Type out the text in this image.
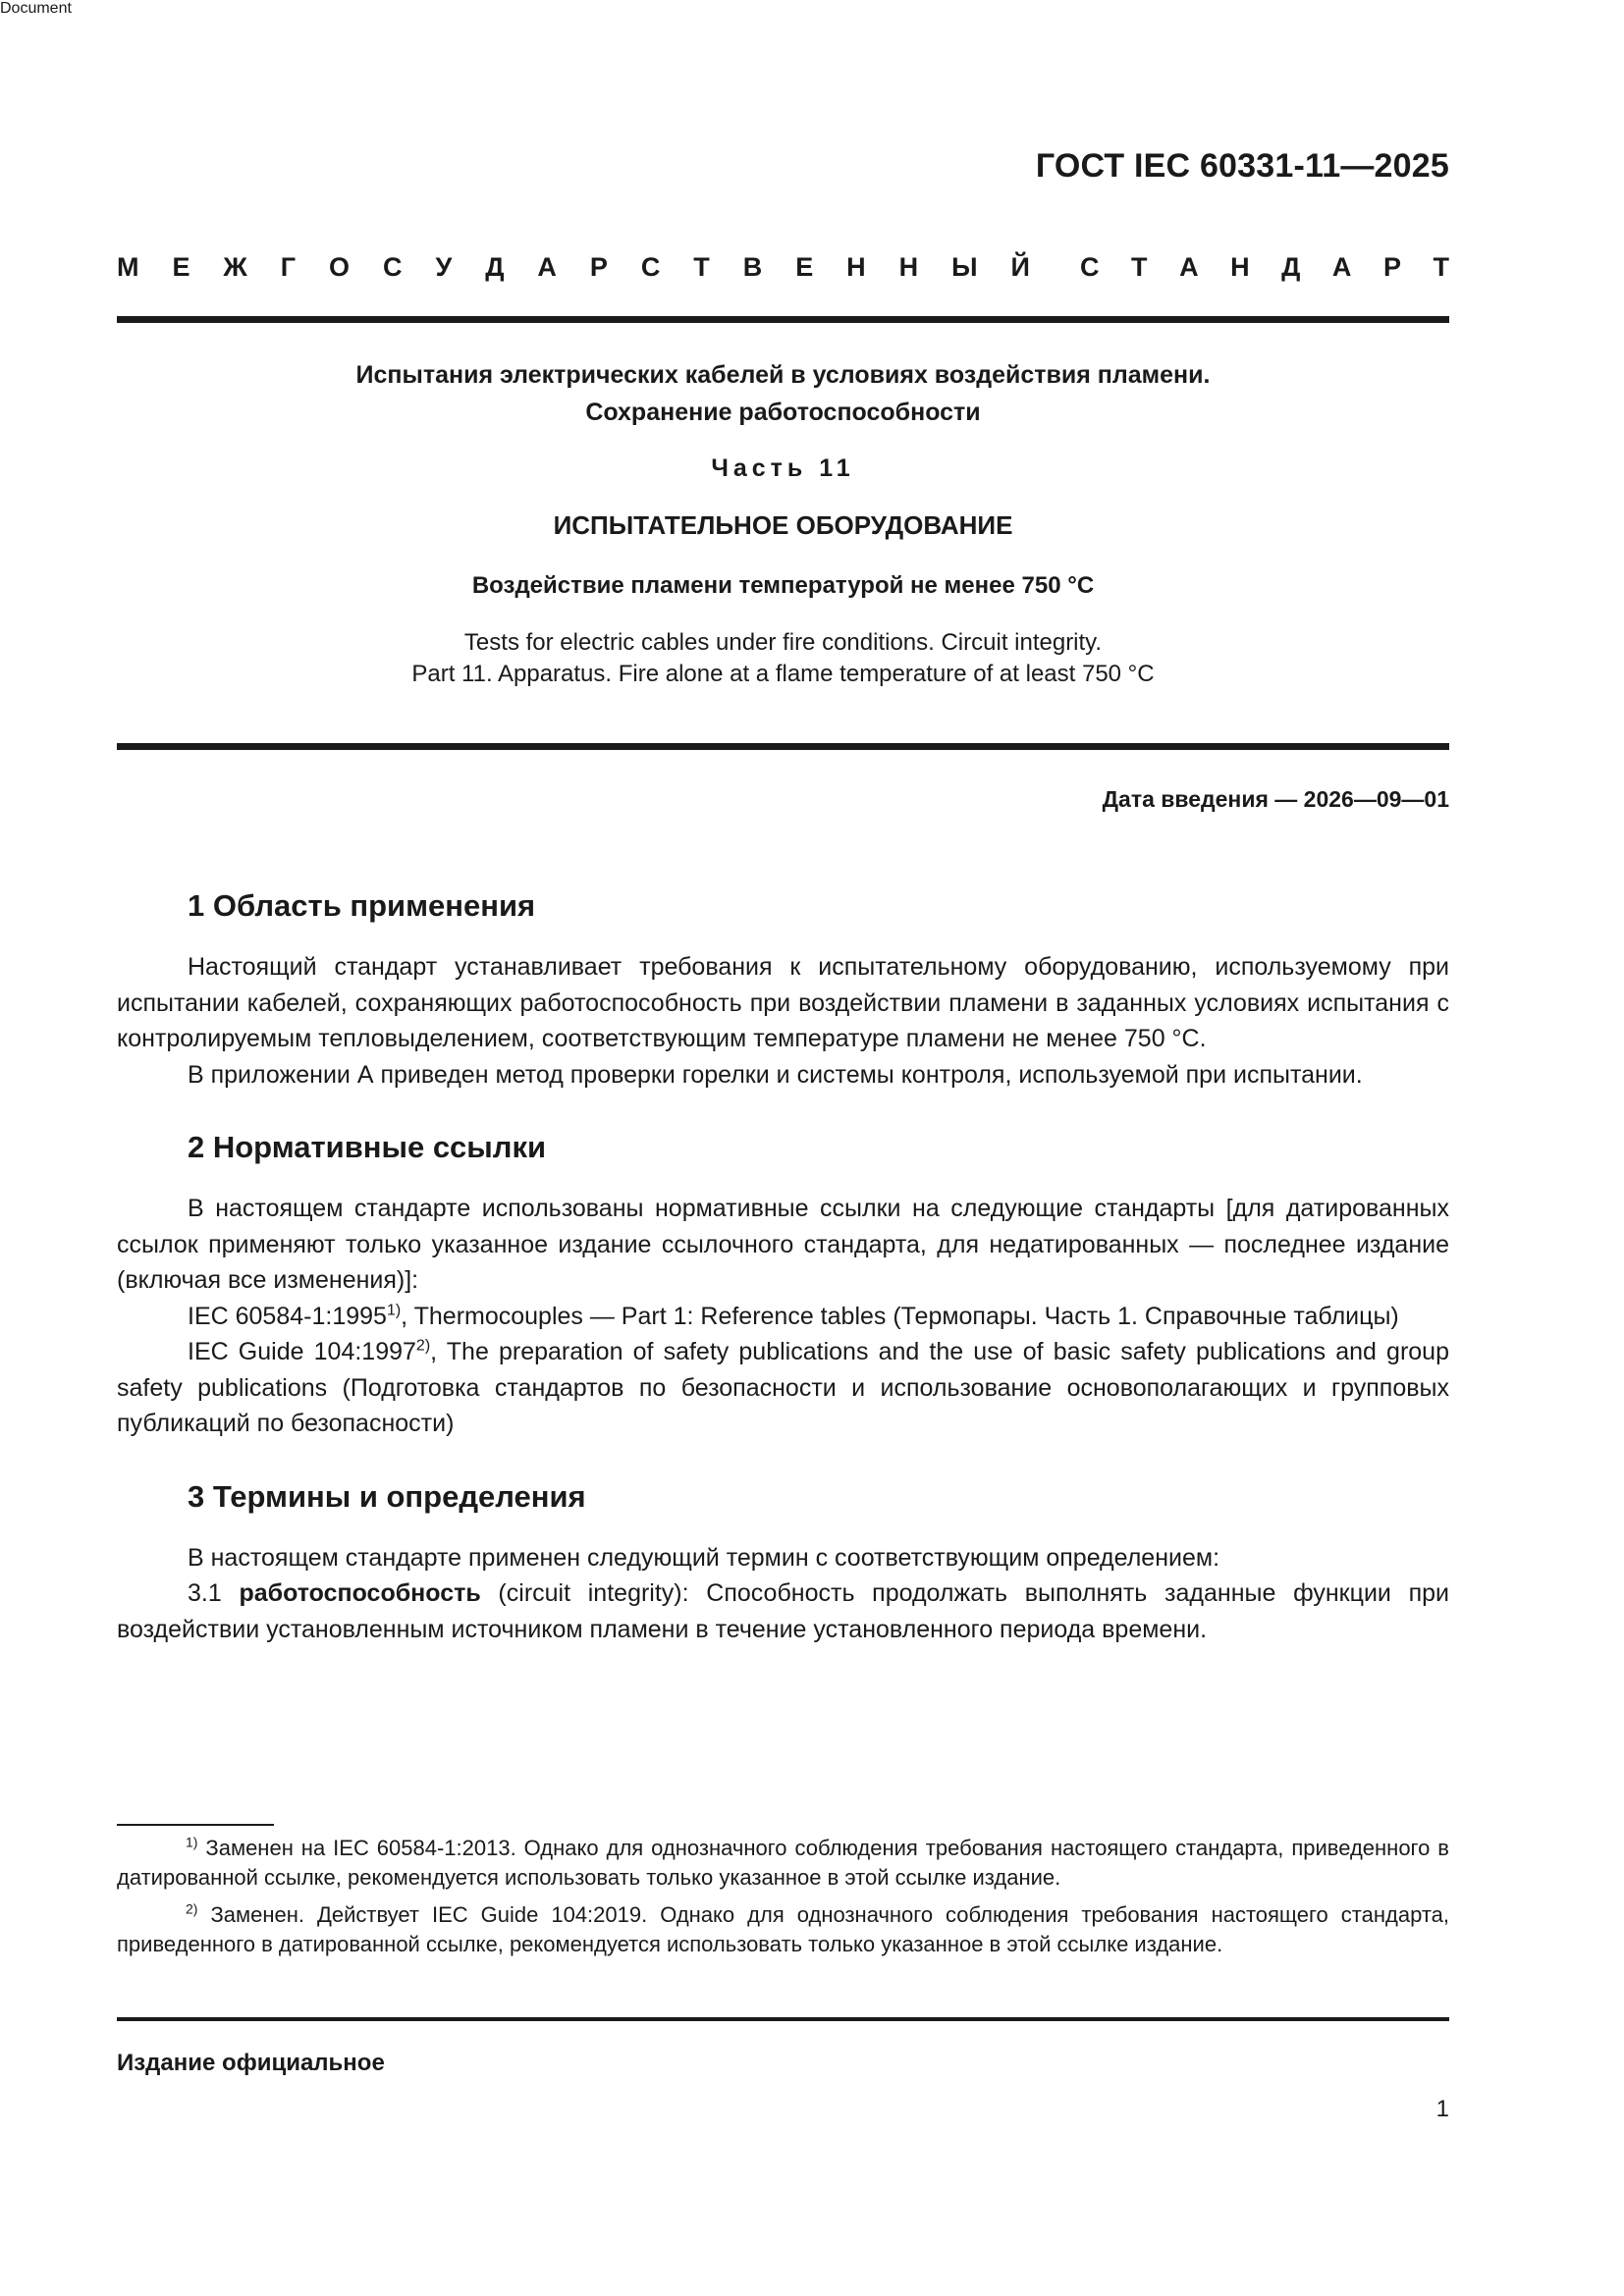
Document
ГОСТ IEC 60331-11—2025
М Е Ж Г О С У Д А Р С Т В Е Н Н Ы Й С Т А Н Д А Р Т
Испытания электрических кабелей в условиях воздействия пламени.
Сохранение работоспособности
Часть 11
ИСПЫТАТЕЛЬНОЕ ОБОРУДОВАНИЕ
Воздействие пламени температурой не менее 750 °С
Tests for electric cables under fire conditions. Circuit integrity.
Part 11. Apparatus. Fire alone at a flame temperature of at least 750 °C
Дата введения — 2026—09—01
1 Область применения

Настоящий стандарт устанавливает требования к испытательному оборудованию, используемому при испытании кабелей, сохраняющих работоспособность при воздействии пламени в заданных условиях испытания с контролируемым тепловыделением, соответствующим температуре пламени не менее 750 °С.

В приложении А приведен метод проверки горелки и системы контроля, используемой при испытании.

2 Нормативные ссылки

В настоящем стандарте использованы нормативные ссылки на следующие стандарты [для датированных ссылок применяют только указанное издание ссылочного стандарта, для недатированных — последнее издание (включая все изменения)]:

IEC 60584-1:1995$^{1)}$, Thermocouples — Part 1: Reference tables (Термопары. Часть 1. Справочные таблицы)

IEC Guide 104:1997$^{2)}$, The preparation of safety publications and the use of basic safety publications and group safety publications (Подготовка стандартов по безопасности и использование основополагающих и групповых публикаций по безопасности)

3 Термины и определения

В настоящем стандарте применен следующий термин с соответствующим определением:

3.1 работоспособность (circuit integrity): Способность продолжать выполнять заданные функции при воздействии установленным источником пламени в течение установленного периода времени.

$^{1)}$ Заменен на IEC 60584-1:2013. Однако для однозначного соблюдения требования настоящего стандарта, приведенного в датированной ссылке, рекомендуется использовать только указанное в этой ссылке издание.

$^{2)}$ Заменен. Действует IEC Guide 104:2019. Однако для однозначного соблюдения требования настоящего стандарта, приведенного в датированной ссылке, рекомендуется использовать только указанное в этой ссылке издание.

Издание официальное
1
